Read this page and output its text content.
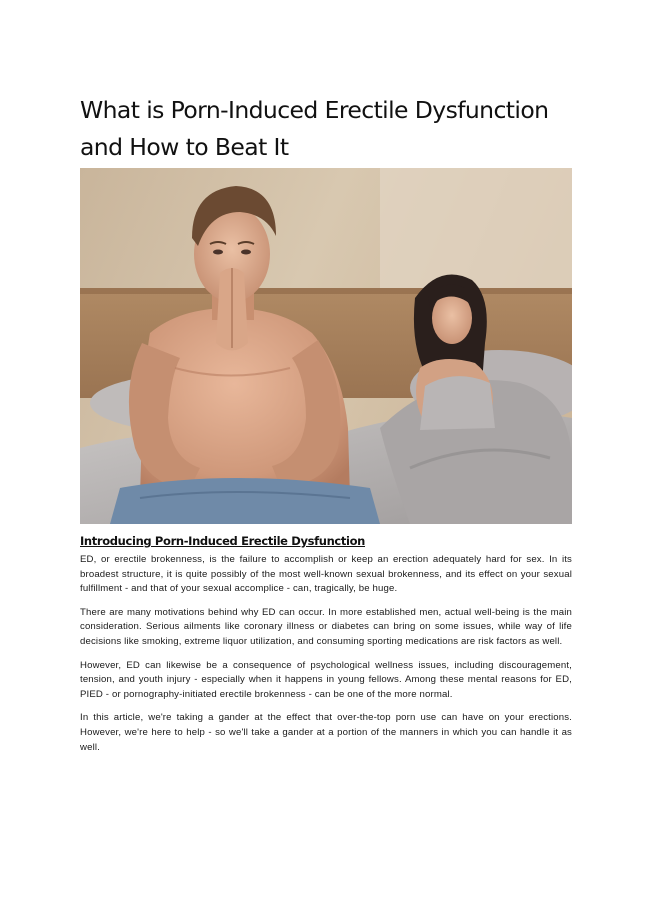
What is Porn-Induced Erectile Dysfunction and How to Beat It
Introducing Porn-Induced Erectile Dysfunction

ED, or erectile brokenness, is the failure to accomplish or keep an erection adequately hard for sex. In its broadest structure, it is quite possibly of the most well-known sexual brokenness, and its effect on your sexual fulfillment - and that of your sexual accomplice - can, tragically, be huge.

There are many motivations behind why ED can occur. In more established men, actual well-being is the main consideration. Serious ailments like coronary illness or diabetes can bring on some issues, while way of life decisions like smoking, extreme liquor utilization, and consuming sporting medications are risk factors as well.

However, ED can likewise be a consequence of psychological wellness issues, including discouragement, tension, and youth injury - especially when it happens in young fellows. Among these mental reasons for ED, PIED - or pornography-initiated erectile brokenness - can be one of the more normal.

In this article, we're taking a gander at the effect that over-the-top porn use can have on your erections. However, we're here to help - so we'll take a gander at a portion of the manners in which you can handle it as well.
